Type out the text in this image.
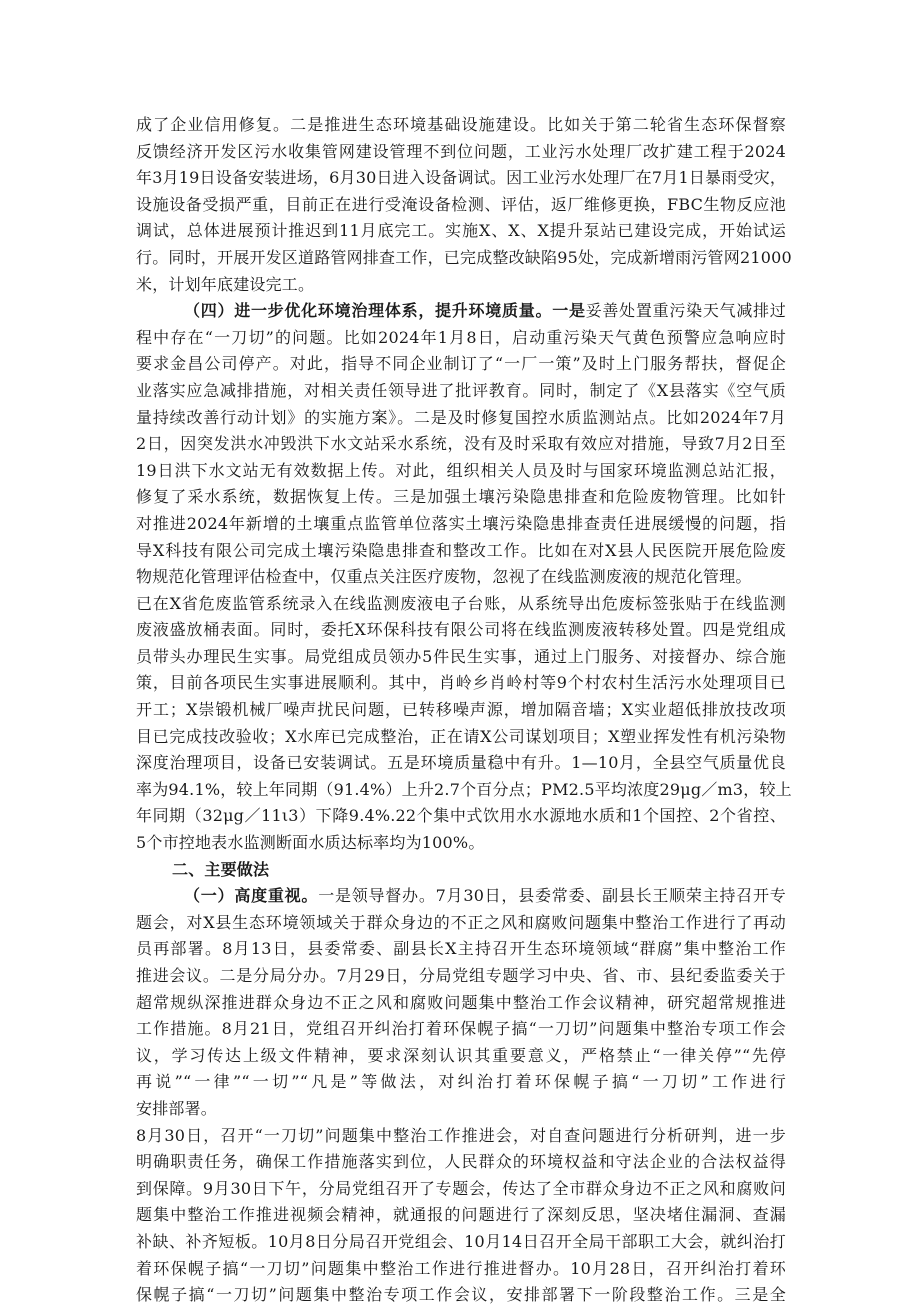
成了企业信用修复。二是推进生态环境基础设施建设。比如关于第二轮省生态环保督察
反馈经济开发区污水收集管网建设管理不到位问题，工业污水处理厂改扩建工程于2024
年3月19日设备安装进场，6月30日进入设备调试。因工业污水处理厂在7月1日暴雨受灾，
设施设备受损严重，目前正在进行受淹设备检测、评估，返厂维修更换，FBC生物反应池
调试，总体进展预计推迟到11月底完工。实施X、X、X提升泵站已建设完成，开始试运
行。同时，开展开发区道路管网排查工作，已完成整改缺陷95处，完成新增雨污管网21000
米，计划年底建设完工。
（四）进一步优化环境治理体系，提升环境质量。一是妥善处置重污染天气减排过
程中存在“一刀切”的问题。比如2024年1月8日，启动重污染天气黄色预警应急响应时
要求金昌公司停产。对此，指导不同企业制订了“一厂一策”及时上门服务帮扶，督促企
业落实应急减排措施，对相关责任领导进了批评教育。同时，制定了《X县落实《空气质
量持续改善行动计划》的实施方案》。二是及时修复国控水质监测站点。比如2024年7月
2日，因突发洪水冲毁洪下水文站采水系统，没有及时采取有效应对措施，导致7月2日至
19日洪下水文站无有效数据上传。对此，组织相关人员及时与国家环境监测总站汇报，
修复了采水系统，数据恢复上传。三是加强土壤污染隐患排查和危险废物管理。比如针
对推进2024年新增的土壤重点监管单位落实土壤污染隐患排查责任进展缓慢的问题，指
导X科技有限公司完成土壤污染隐患排查和整改工作。比如在对X县人民医院开展危险废
物规范化管理评估检查中，仅重点关注医疗废物，忽视了在线监测废液的规范化管理。
已在X省危废监管系统录入在线监测废液电子台账，从系统导出危废标签张贴于在线监测
废液盛放桶表面。同时，委托X环保科技有限公司将在线监测废液转移处置。四是党组成
员带头办理民生实事。局党组成员领办5件民生实事，通过上门服务、对接督办、综合施
策，目前各项民生实事进展顺利。其中，肖岭乡肖岭村等9个村农村生活污水处理项目已
开工；X崇锻机械厂噪声扰民问题，已转移噪声源，增加隔音墙；X实业超低排放技改项
目已完成技改验收；X水库已完成整治，正在请X公司谋划项目；X塑业挥发性有机污染物
深度治理项目，设备已安装调试。五是环境质量稳中有升。1—10月，全县空气质量优良
率为94.1%，较上年同期（91.4%）上升2.7个百分点；PM2.5平均浓度29μg／m3，较上
年同期（32μg／11ι3）下降9.4%.22个集中式饮用水水源地水质和1个国控、2个省控、
5个市控地表水监测断面水质达标率均为100%。
二、主要做法
（一）高度重视。一是领导督办。7月30日，县委常委、副县长王顺荣主持召开专
题会，对X县生态环境领域关于群众身边的不正之风和腐败问题集中整治工作进行了再动
员再部署。8月13日，县委常委、副县长X主持召开生态环境领域“群腐”集中整治工作
推进会议。二是分局分办。7月29日，分局党组专题学习中央、省、市、县纪委监委关于
超常规纵深推进群众身边不正之风和腐败问题集中整治工作会议精神，研究超常规推进
工作措施。8月21日，党组召开纠治打着环保幌子搞“一刀切”问题集中整治专项工作会
议，学习传达上级文件精神，要求深刻认识其重要意义，严格禁止“一律关停”“先停
再说”“一律”“一切”“凡是”等做法，对纠治打着环保幌子搞“一刀切”工作进行
安排部署。
8月30日，召开“一刀切”问题集中整治工作推进会，对自查问题进行分析研判，进一步
明确职责任务，确保工作措施落实到位，人民群众的环境权益和守法企业的合法权益得
到保障。9月30日下午，分局党组召开了专题会，传达了全市群众身边不正之风和腐败问
题集中整治工作推进视频会精神，就通报的问题进行了深刻反思，坚决堵住漏洞、查漏
补缺、补齐短板。10月8日分局召开党组会、10月14日召开全局干部职工大会，就纠治打
着环保幌子搞“一刀切”问题集中整治工作进行推进督办。10月28日，召开纠治打着环
保幌子搞“一刀切”问题集中整治专项工作会议，安排部署下一阶段整治工作。三是全
